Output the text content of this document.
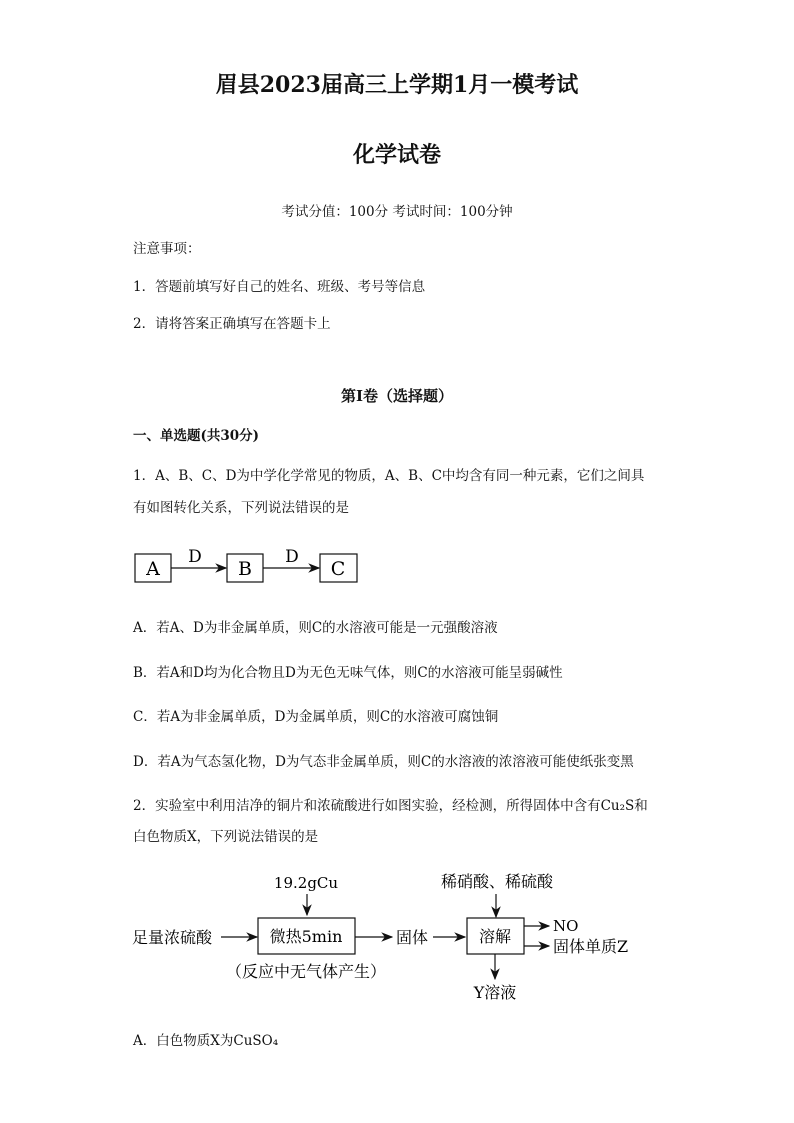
眉县2023届高三上学期1月一模考试
化学试卷
考试分值：100分 考试时间：100分钟
注意事项：
1．答题前填写好自己的姓名、班级、考号等信息
2．请将答案正确填写在答题卡上
第I卷（选择题）
一、单选题(共30分)
1．A、B、C、D为中学化学常见的物质，A、B、C中均含有同一种元素，它们之间具
有如图转化关系，下列说法错误的是
A
D
B
D
C
A．若A、D为非金属单质，则C的水溶液可能是一元强酸溶液
B．若A和D均为化合物且D为无色无味气体，则C的水溶液可能呈弱碱性
C．若A为非金属单质，D为金属单质，则C的水溶液可腐蚀铜
D．若A为气态氢化物，D为气态非金属单质，则C的水溶液的浓溶液可能使纸张变黑
2．实验室中利用洁净的铜片和浓硫酸进行如图实验，经检测，所得固体中含有Cu₂S和
白色物质X，下列说法错误的是
19.2gCu
足量浓硫酸	微热5min
（反应中无气体产生）
固体
稀硝酸、稀硫酸
溶解
NO
固体单质Z
Y溶液
A．白色物质X为CuSO₄
